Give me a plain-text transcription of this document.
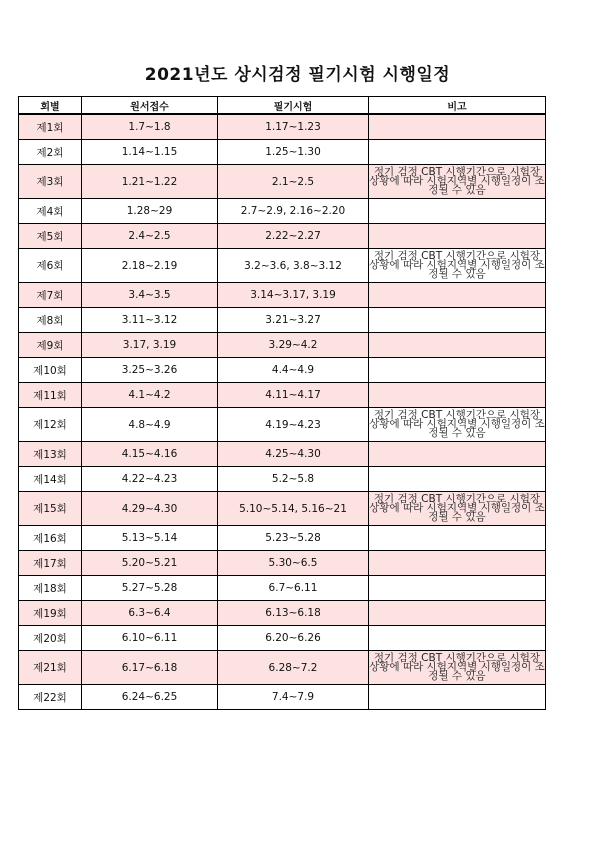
2021년도 상시검정 필기시험 시행일정
회별	원서접수	필기시험	비고
제1회	1.7~1.8	1.17~1.23	
제2회	1.14~1.15	1.25~1.30	
제3회	1.21~1.22	2.1~2.5	정기 검정 CBT 시행기간으로 시험장 상황에 따라 시험지역별 시행일정이 조정될 수 있음
제4회	1.28~29	2.7~2.9, 2.16~2.20	
제5회	2.4~2.5	2.22~2.27	
제6회	2.18~2.19	3.2~3.6, 3.8~3.12	정기 검정 CBT 시행기간으로 시험장 상황에 따라 시험지역별 시행일정이 조정될 수 있음
제7회	3.4~3.5	3.14~3.17, 3.19	
제8회	3.11~3.12	3.21~3.27	
제9회	3.17, 3.19	3.29~4.2	
제10회	3.25~3.26	4.4~4.9	
제11회	4.1~4.2	4.11~4.17	
제12회	4.8~4.9	4.19~4.23	정기 검정 CBT 시행기간으로 시험장 상황에 따라 시험지역별 시행일정이 조정될 수 있음
제13회	4.15~4.16	4.25~4.30	
제14회	4.22~4.23	5.2~5.8	
제15회	4.29~4.30	5.10~5.14, 5.16~21	정기 검정 CBT 시행기간으로 시험장 상황에 따라 시험지역별 시행일정이 조정될 수 있음
제16회	5.13~5.14	5.23~5.28	
제17회	5.20~5.21	5.30~6.5	
제18회	5.27~5.28	6.7~6.11	
제19회	6.3~6.4	6.13~6.18	
제20회	6.10~6.11	6.20~6.26	
제21회	6.17~6.18	6.28~7.2	정기 검정 CBT 시행기간으로 시험장 상황에 따라 시험지역별 시행일정이 조정될 수 있음
제22회	6.24~6.25	7.4~7.9	
